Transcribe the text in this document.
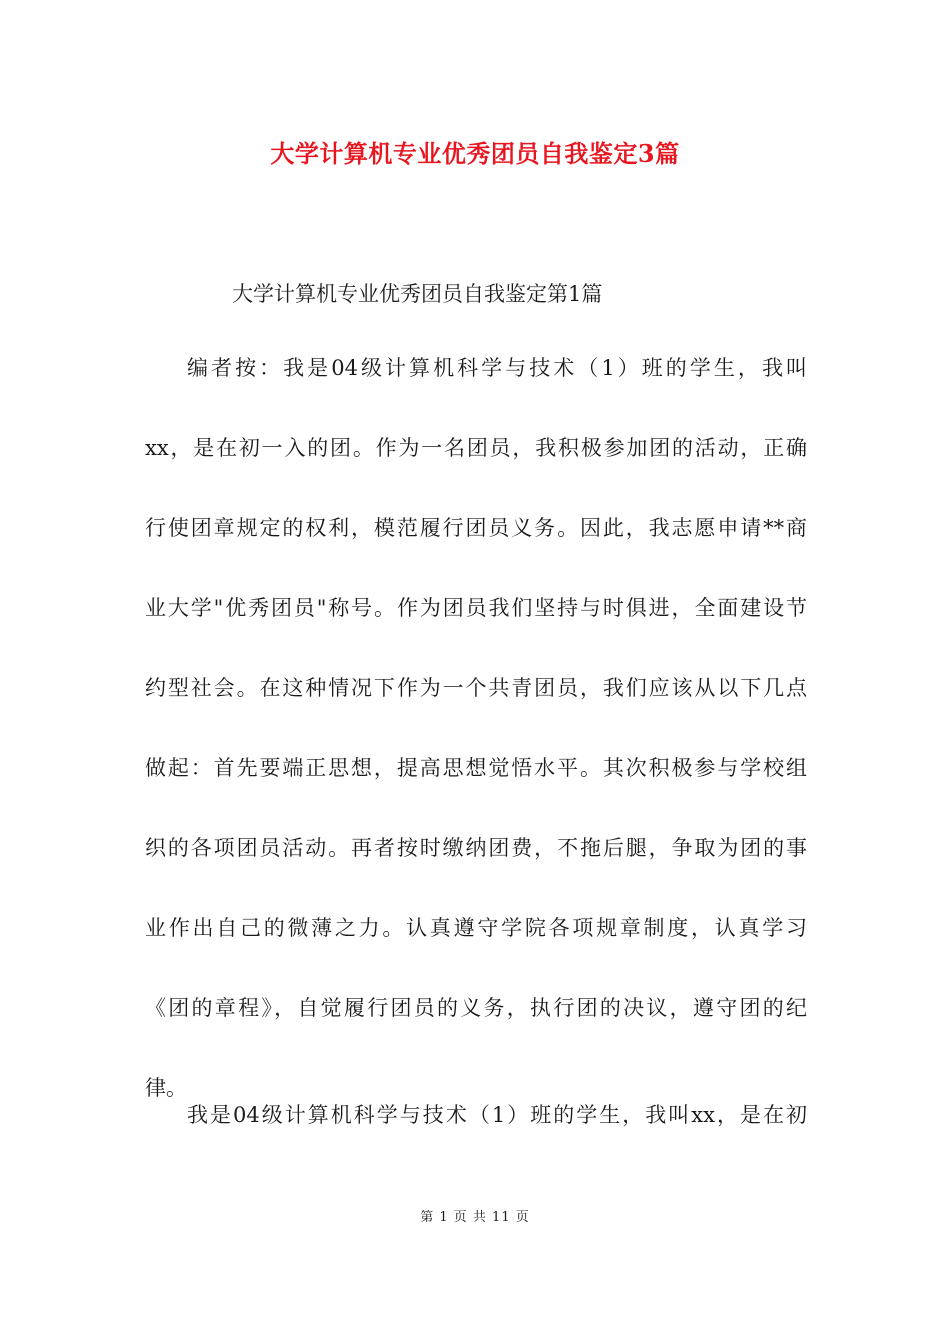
大学计算机专业优秀团员自我鉴定3篇
大学计算机专业优秀团员自我鉴定第1篇
编者按：我是04级计算机科学与技术（1）班的学生，我叫
xx，是在初一入的团。作为一名团员，我积极参加团的活动，正确
行使团章规定的权利，模范履行团员义务。因此，我志愿申请**商
业大学"优秀团员"称号。作为团员我们坚持与时俱进，全面建设节
约型社会。在这种情况下作为一个共青团员，我们应该从以下几点
做起：首先要端正思想，提高思想觉悟水平。其次积极参与学校组
织的各项团员活动。再者按时缴纳团费，不拖后腿，争取为团的事
业作出自己的微薄之力。认真遵守学院各项规章制度，认真学习
《团的章程》，自觉履行团员的义务，执行团的决议，遵守团的纪
律。
我是04级计算机科学与技术（1）班的学生，我叫xx，是在初
第 1 页 共 11 页
